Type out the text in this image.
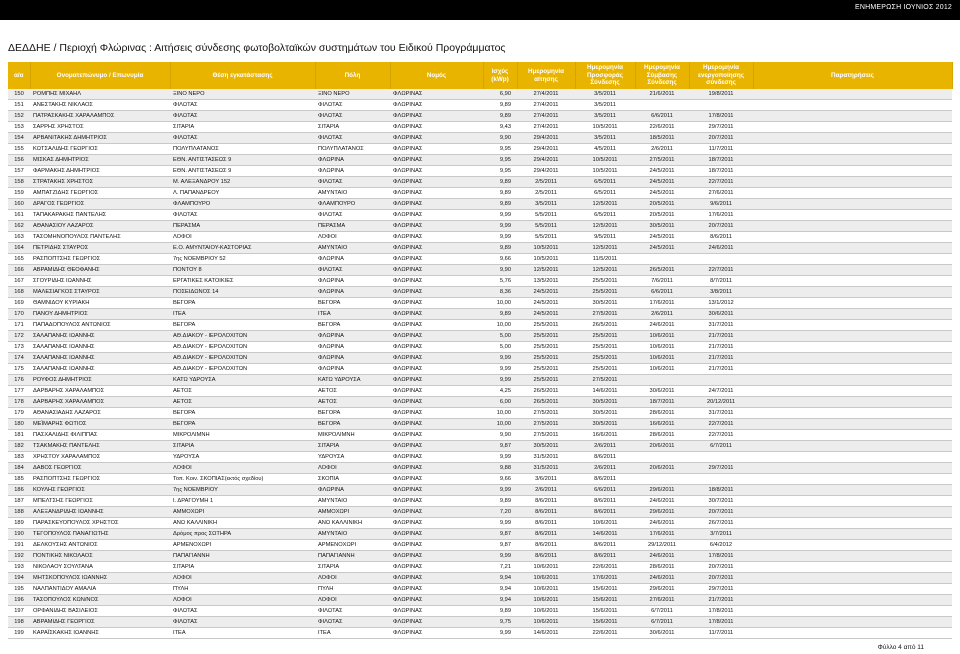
ΕΝΗΜΕΡΩΣΗ ΙΟΥΝΙΟΣ 2012
ΔΕΔΔΗΕ / Περιοχή Φλώρινας : Αιτήσεις σύνδεσης φωτοβολταϊκών συστημάτων του Ειδικού Προγράμματος
α/α	Ονοματεπώνυμο / Επωνυμία	Θέση εγκατάστασης	Πόλη	Νομός	Ισχύς (kWp)	Ημερομηνία αίτησης	Ημερομηνία Προσφοράς Σύνδεσης	Ημερομηνία Σύμβασης Σύνδεσης	Ημερομηνία ενεργοποίησης σύνδεσης	Παρατηρήσεις
150	ΡΟΜΠΗΣ ΜΙΧΑΗΛ	ΞΙΝΟ ΝΕΡΟ	ΞΙΝΟ ΝΕΡΟ	ΦΛΩΡΙΝΑΣ	6,90	27/4/2011	3/5/2011	21/6/2011	19/8/2011	
151	ΑΝΕΣΤΑΚΗΣ ΝΙΚΛΑΟΣ	ΦΙΛΩΤΑΣ	ΦΙΛΩΤΑΣ	ΦΛΩΡΙΝΑΣ	9,89	27/4/2011	3/5/2011			
152	ΠΑΤΡΑΣΚΑΚΗΣ ΧΑΡΑΛΑΜΠΟΣ	ΦΙΛΩΤΑΣ	ΦΙΛΩΤΑΣ	ΦΛΩΡΙΝΑΣ	9,89	27/4/2011	3/5/2011	6/6/2011	17/8/2011	
153	ΣΑΡΡΗΣ ΧΡΗΣΤΟΣ	ΣΙΤΑΡΙΑ	ΣΙΤΑΡΙΑ	ΦΛΩΡΙΝΑΣ	9,43	27/4/2011	10/5/2011	22/6/2011	29/7/2011	
154	ΑΡΒΑΝΙΤΑΚΗΣ ΔΗΜΗΤΡΙΟΣ	ΦΙΛΩΤΑΣ	ΦΙΛΩΤΑΣ	ΦΛΩΡΙΝΑΣ	9,90	29/4/2011	3/5/2011	18/5/2011	20/7/2011	
155	ΚΩΤΣΑΛΙΔΗΣ ΓΕΩΡΓΙΟΣ	ΠΟΛΥΠΛΑΤΑΝΟΣ	ΠΟΛΥΠΛΑΤΑΝΟΣ	ΦΛΩΡΙΝΑΣ	9,95	29/4/2011	4/5/2011	2/6/2011	11/7/2011	
156	ΜΙΣΚΑΣ ΔΗΜΗΤΡΙΟΣ	ΕΘΝ. ΑΝΤΙΣΤΑΣΕΩΣ 9	ΦΛΩΡΙΝΑ	ΦΛΩΡΙΝΑΣ	9,95	29/4/2011	10/5/2011	27/5/2011	18/7/2011	
157	ΦΑΡΜΑΚΗΣ ΔΗΜΗΤΡΙΟΣ	ΕΘΝ. ΑΝΤΙΣΤΑΣΕΩΣ 9	ΦΛΩΡΙΝΑ	ΦΛΩΡΙΝΑΣ	9,95	29/4/2011	10/5/2011	24/5/2011	18/7/2011	
158	ΣΤΡΑΤΑΚΗΣ ΧΡΗΣΤΟΣ	Μ. ΑΛΕΞΑΝΔΡΟΥ 152	ΦΙΛΩΤΑΣ	ΦΛΩΡΙΝΑΣ	9,89	2/5/2011	6/5/2011	24/5/2011	22/7/2011	
159	ΑΜΠΑΤΖΙΔΗΣ ΓΕΩΡΓΙΟΣ	Λ. ΠΑΠΑΝΔΡΕΟΥ	ΑΜΥΝΤΑΙΟ	ΦΛΩΡΙΝΑΣ	9,89	2/5/2011	6/5/2011	24/5/2011	27/6/2011	
160	ΔΡΑΓΟΣ ΓΕΩΡΓΙΟΣ	ΦΛΑΜΠΟΥΡΟ	ΦΛΑΜΠΟΥΡΟ	ΦΛΩΡΙΝΑΣ	9,89	3/5/2011	12/5/2011	20/5/2011	9/6/2011	
161	ΤΑΠΑΚΑΡΑΚΗΣ ΠΑΝΤΕΛΗΣ	ΦΙΛΩΤΑΣ	ΦΙΛΩΤΑΣ	ΦΛΩΡΙΝΑΣ	9,99	5/5/2011	6/5/2011	20/5/2011	17/6/2011	
162	ΑΘΑΝΑΣΙΟΥ ΛΑΖΑΡΟΣ	ΠΕΡΑΣΜΑ	ΠΕΡΑΣΜΑ	ΦΛΩΡΙΝΑΣ	9,99	5/5/2011	12/5/2011	30/5/2011	20/7/2011	
163	ΤΑΣΟΜΗΝΟΠΟΥΛΟΣ ΠΑΝΤΕΛΗΣ	ΛΟΦΟΙ	ΛΟΦΟΙ	ΦΛΩΡΙΝΑΣ	9,99	5/5/2011	9/5/2011	24/5/2011	8/6/2011	
164	ΠΕΤΡΙΔΗΣ ΣΤΑΥΡΟΣ	Ε.Ο. ΑΜΥΝΤΑΙΟΥ-ΚΑΣΤΟΡΙΑΣ	ΑΜΥΝΤΑΙΟ	ΦΛΩΡΙΝΑΣ	9,89	10/5/2011	12/5/2011	24/5/2011	24/6/2011	
165	ΡΑΣΠΟΠΤΣΗΣ ΓΕΩΡΓΙΟΣ	7ης ΝΟΕΜΒΡΙΟΥ 52	ΦΛΩΡΙΝΑ	ΦΛΩΡΙΝΑΣ	9,66	10/5/2011	11/5/2011			
166	ΑΒΡΑΜΙΔΗΣ ΘΕΟΦΑΝΗΣ	ΠΟΝΤΟΥ 8	ΦΙΛΩΤΑΣ	ΦΛΩΡΙΝΑΣ	9,90	12/5/2011	12/5/2011	26/5/2011	22/7/2011	
167	ΣΓΟΥΡΙΔΗΣ ΙΩΑΝΝΗΣ	ΕΡΓΑΤΙΚΕΣ ΚΑΤΟΙΚΙΕΣ	ΦΛΩΡΙΝΑ	ΦΛΩΡΙΝΑΣ	5,76	13/5/2011	25/5/2011	7/6/2011	8/7/2011	
168	ΜΑΛΕΣΙΑΓΚΟΣ ΣΤΑΥΡΟΣ	ΠΟΣΕΙΔΩΝΟΣ 14	ΦΛΩΡΙΝΑ	ΦΛΩΡΙΝΑΣ	8,36	24/5/2011	25/5/2011	6/6/2011	3/8/2011	
169	ΘΑΜΝΙΔΟΥ ΚΥΡΙΑΚΗ	ΒΕΓΟΡΑ	ΒΕΓΟΡΑ	ΦΛΩΡΙΝΑΣ	10,00	24/5/2011	30/5/2011	17/6/2011	13/1/2012	
170	ΠΑΝΟΥ ΔΗΜΗΤΡΙΟΣ	ΙΤΕΑ	ΙΤΕΑ	ΦΛΩΡΙΝΑΣ	9,89	24/5/2011	27/5/2011	2/6/2011	30/6/2011	
171	ΠΑΠΑΔΟΠΟΥΛΟΣ ΑΝΤΩΝΙΟΣ	ΒΕΓΟΡΑ	ΒΕΓΟΡΑ	ΦΛΩΡΙΝΑΣ	10,00	25/5/2011	26/5/2011	24/6/2011	31/7/2011	
172	ΣΑΛΑΠΑΝΗΣ ΙΩΑΝΝΗΣ	ΑΘ.ΔΙΑΚΟΥ - ΙΕΡΟΛΟΧΙΤΩΝ	ΦΛΩΡΙΝΑ	ΦΛΩΡΙΝΑΣ	5,00	25/5/2011	25/5/2011	10/6/2011	21/7/2011	
173	ΣΑΛΑΠΑΝΗΣ ΙΩΑΝΝΗΣ	ΑΘ.ΔΙΑΚΟΥ - ΙΕΡΟΛΟΧΙΤΩΝ	ΦΛΩΡΙΝΑ	ΦΛΩΡΙΝΑΣ	5,00	25/5/2011	25/5/2011	10/6/2011	21/7/2011	
174	ΣΑΛΑΠΑΝΗΣ ΙΩΑΝΝΗΣ	ΑΘ.ΔΙΑΚΟΥ - ΙΕΡΟΛΟΧΙΤΩΝ	ΦΛΩΡΙΝΑ	ΦΛΩΡΙΝΑΣ	9,99	25/5/2011	25/5/2011	10/6/2011	21/7/2011	
175	ΣΑΛΑΠΑΝΗΣ ΙΩΑΝΝΗΣ	ΑΘ.ΔΙΑΚΟΥ - ΙΕΡΟΛΟΧΙΤΩΝ	ΦΛΩΡΙΝΑ	ΦΛΩΡΙΝΑΣ	9,99	25/5/2011	25/5/2011	10/6/2011	21/7/2011	
176	ΡΟΥΦΟΣ ΔΗΜΗΤΡΙΟΣ	ΚΑΤΩ ΥΔΡΟΥΣΑ	ΚΑΤΩ ΥΔΡΟΥΣΑ	ΦΛΩΡΙΝΑΣ	9,99	25/5/2011	27/5/2011			
177	ΔΑΡΒΑΡΗΣ ΧΑΡΑΛΑΜΠΟΣ	ΑΕΤΟΣ	ΑΕΤΟΣ	ΦΛΩΡΙΝΑΣ	4,25	26/5/2011	14/6/2011	30/6/2011	24/7/2011	
178	ΔΑΡΒΑΡΗΣ ΧΑΡΑΛΑΜΠΟΣ	ΑΕΤΟΣ	ΑΕΤΟΣ	ΦΛΩΡΙΝΑΣ	6,00	26/5/2011	30/5/2011	18/7/2011	20/12/2011	
179	ΑΘΑΝΑΣΙΑΔΗΣ ΛΑΖΑΡΟΣ	ΒΕΓΟΡΑ	ΒΕΓΟΡΑ	ΦΛΩΡΙΝΑΣ	10,00	27/5/2011	30/5/2011	28/6/2011	31/7/2011	
180	ΜΕΪΜΑΡΗΣ ΦΩΤΙΟΣ	ΒΕΓΟΡΑ	ΒΕΓΟΡΑ	ΦΛΩΡΙΝΑΣ	10,00	27/5/2011	30/5/2011	16/6/2011	22/7/2011	
181	ΠΑΣΧΑΛΙΔΗΣ ΦΙΛΙΠΠΑΣ	ΜΙΚΡΟΛΙΜΝΗ	ΜΙΚΡΟΛΙΜΝΗ	ΦΛΩΡΙΝΑΣ	9,90	27/5/2011	16/6/2011	28/6/2011	22/7/2011	
182	ΤΣΑΚΜΑΚΗΣ ΠΑΝΤΕΛΗΣ	ΣΙΤΑΡΙΑ	ΣΙΤΑΡΙΑ	ΦΛΩΡΙΝΑΣ	9,87	30/5/2011	2/6/2011	20/6/2011	6/7/2011	
183	ΧΡΗΣΤΟΥ ΧΑΡΑΛΑΜΠΟΣ	ΥΔΡΟΥΣΑ	ΥΔΡΟΥΣΑ	ΦΛΩΡΙΝΑΣ	9,99	31/5/2011	8/6/2011			
184	ΔΑΒΟΣ ΓΕΩΡΓΙΟΣ	ΛΟΦΟΙ	ΛΟΦΟΙ	ΦΛΩΡΙΝΑΣ	9,88	31/5/2011	2/6/2011	20/6/2011	29/7/2011	
185	ΡΑΣΠΟΠΤΣΗΣ ΓΕΩΡΓΙΟΣ	Τοπ. Κοιν. ΣΚΟΠΙΑΣ(εκτός σχεδίου)	ΣΚΟΠΙΑ	ΦΛΩΡΙΝΑΣ	9,66	3/6/2011	8/6/2011			
186	ΚΟΥΛΗΣ ΓΕΩΡΓΙΟΣ	7ης ΝΟΕΜΒΡΙΟΥ	ΦΛΩΡΙΝΑ	ΦΛΩΡΙΝΑΣ	9,99	2/6/2011	6/6/2011	29/6/2011	18/8/2011	
187	ΜΠΕΛΤΣΗΣ ΓΕΩΡΓΙΟΣ	Ι. ΔΡΑΓΟΥΜΗ 1	ΑΜΥΝΤΑΙΟ	ΦΛΩΡΙΝΑΣ	9,89	8/6/2011	8/6/2011	24/6/2011	30/7/2011	
188	ΑΛΕΞΑΝΔΡΙΔΗΣ ΙΩΑΝΝΗΣ	ΑΜΜΟΧΩΡΙ	ΑΜΜΟΧΩΡΙ	ΦΛΩΡΙΝΑΣ	7,20	8/6/2011	8/6/2011	29/6/2011	20/7/2011	
189	ΠΑΡΑΣΚΕΥΟΠΟΥΛΟΣ ΧΡΗΣΤΟΣ	ΑΝΩ ΚΑΛΛΙΝΙΚΗ	ΑΝΩ ΚΑΛΛΙΝΙΚΗ	ΦΛΩΡΙΝΑΣ	9,99	8/6/2011	10/6/2011	24/6/2011	26/7/2011	
190	ΤΕΓΟΠΟΥΛΟΣ ΠΑΝΑΓΙΩΤΗΣ	Δρόμος προς ΣΩΤΗΡΑ	ΑΜΥΝΤΑΙΟ	ΦΛΩΡΙΝΑΣ	9,87	8/6/2011	14/6/2011	17/6/2011	3/7/2011	
191	ΔΕΛΚΟΥΣΗΣ ΑΝΤΩΝΙΟΣ	ΑΡΜΕΝΟΧΩΡΙ	ΑΡΜΕΝΟΧΩΡΙ	ΦΛΩΡΙΝΑΣ	9,87	8/6/2011	8/6/2011	29/12/2011	6/4/2012	
192	ΠΟΝΤΙΚΗΣ ΝΙΚΟΛΑΟΣ	ΠΑΠΑΓΙΑΝΝΗ	ΠΑΠΑΓΙΑΝΝΗ	ΦΛΩΡΙΝΑΣ	9,99	8/6/2011	8/6/2011	24/6/2011	17/8/2011	
193	ΝΙΚΟΛΑΟΥ ΣΟΥΛΤΑΝΑ	ΣΙΤΑΡΙΑ	ΣΙΤΑΡΙΑ	ΦΛΩΡΙΝΑΣ	7,21	10/6/2011	22/6/2011	28/6/2011	20/7/2011	
194	ΜΗΤΣΚΟΠΟΥΛΟΣ ΙΩΑΝΝΗΣ	ΛΟΦΟΙ	ΛΟΦΟΙ	ΦΛΩΡΙΝΑΣ	9,94	10/6/2011	17/6/2011	24/6/2011	20/7/2011	
195	ΝΑΛΠΑΝΤΙΔΟΥ ΑΜΑΛΙΑ	ΠΥΛΗ	ΠΥΛΗ	ΦΛΩΡΙΝΑΣ	9,94	10/6/2011	15/6/2011	29/6/2011	29/7/2011	
196	ΤΑΣΟΠΟΥΛΟΣ ΚΩΝ/ΝΟΣ	ΛΟΦΟΙ	ΛΟΦΟΙ	ΦΛΩΡΙΝΑΣ	9,94	10/6/2011	15/6/2011	27/6/2011	21/7/2011	
197	ΟΡΦΑΝΙΔΗΣ ΒΑΣΙΛΕΙΟΣ	ΦΙΛΩΤΑΣ	ΦΙΛΩΤΑΣ	ΦΛΩΡΙΝΑΣ	9,89	10/6/2011	15/6/2011	6/7/2011	17/8/2011	
198	ΑΒΡΑΜΙΔΗΣ ΓΕΩΡΓΙΟΣ	ΦΙΛΩΤΑΣ	ΦΙΛΩΤΑΣ	ΦΛΩΡΙΝΑΣ	9,75	10/6/2011	15/6/2011	6/7/2011	17/8/2011	
199	ΚΑΡΑΪΣΚΑΚΗΣ ΙΩΑΝΝΗΣ	ΙΤΕΑ	ΙΤΕΑ	ΦΛΩΡΙΝΑΣ	9,99	14/6/2011	22/6/2011	30/6/2011	11/7/2011	
Φύλλο 4 από 11
